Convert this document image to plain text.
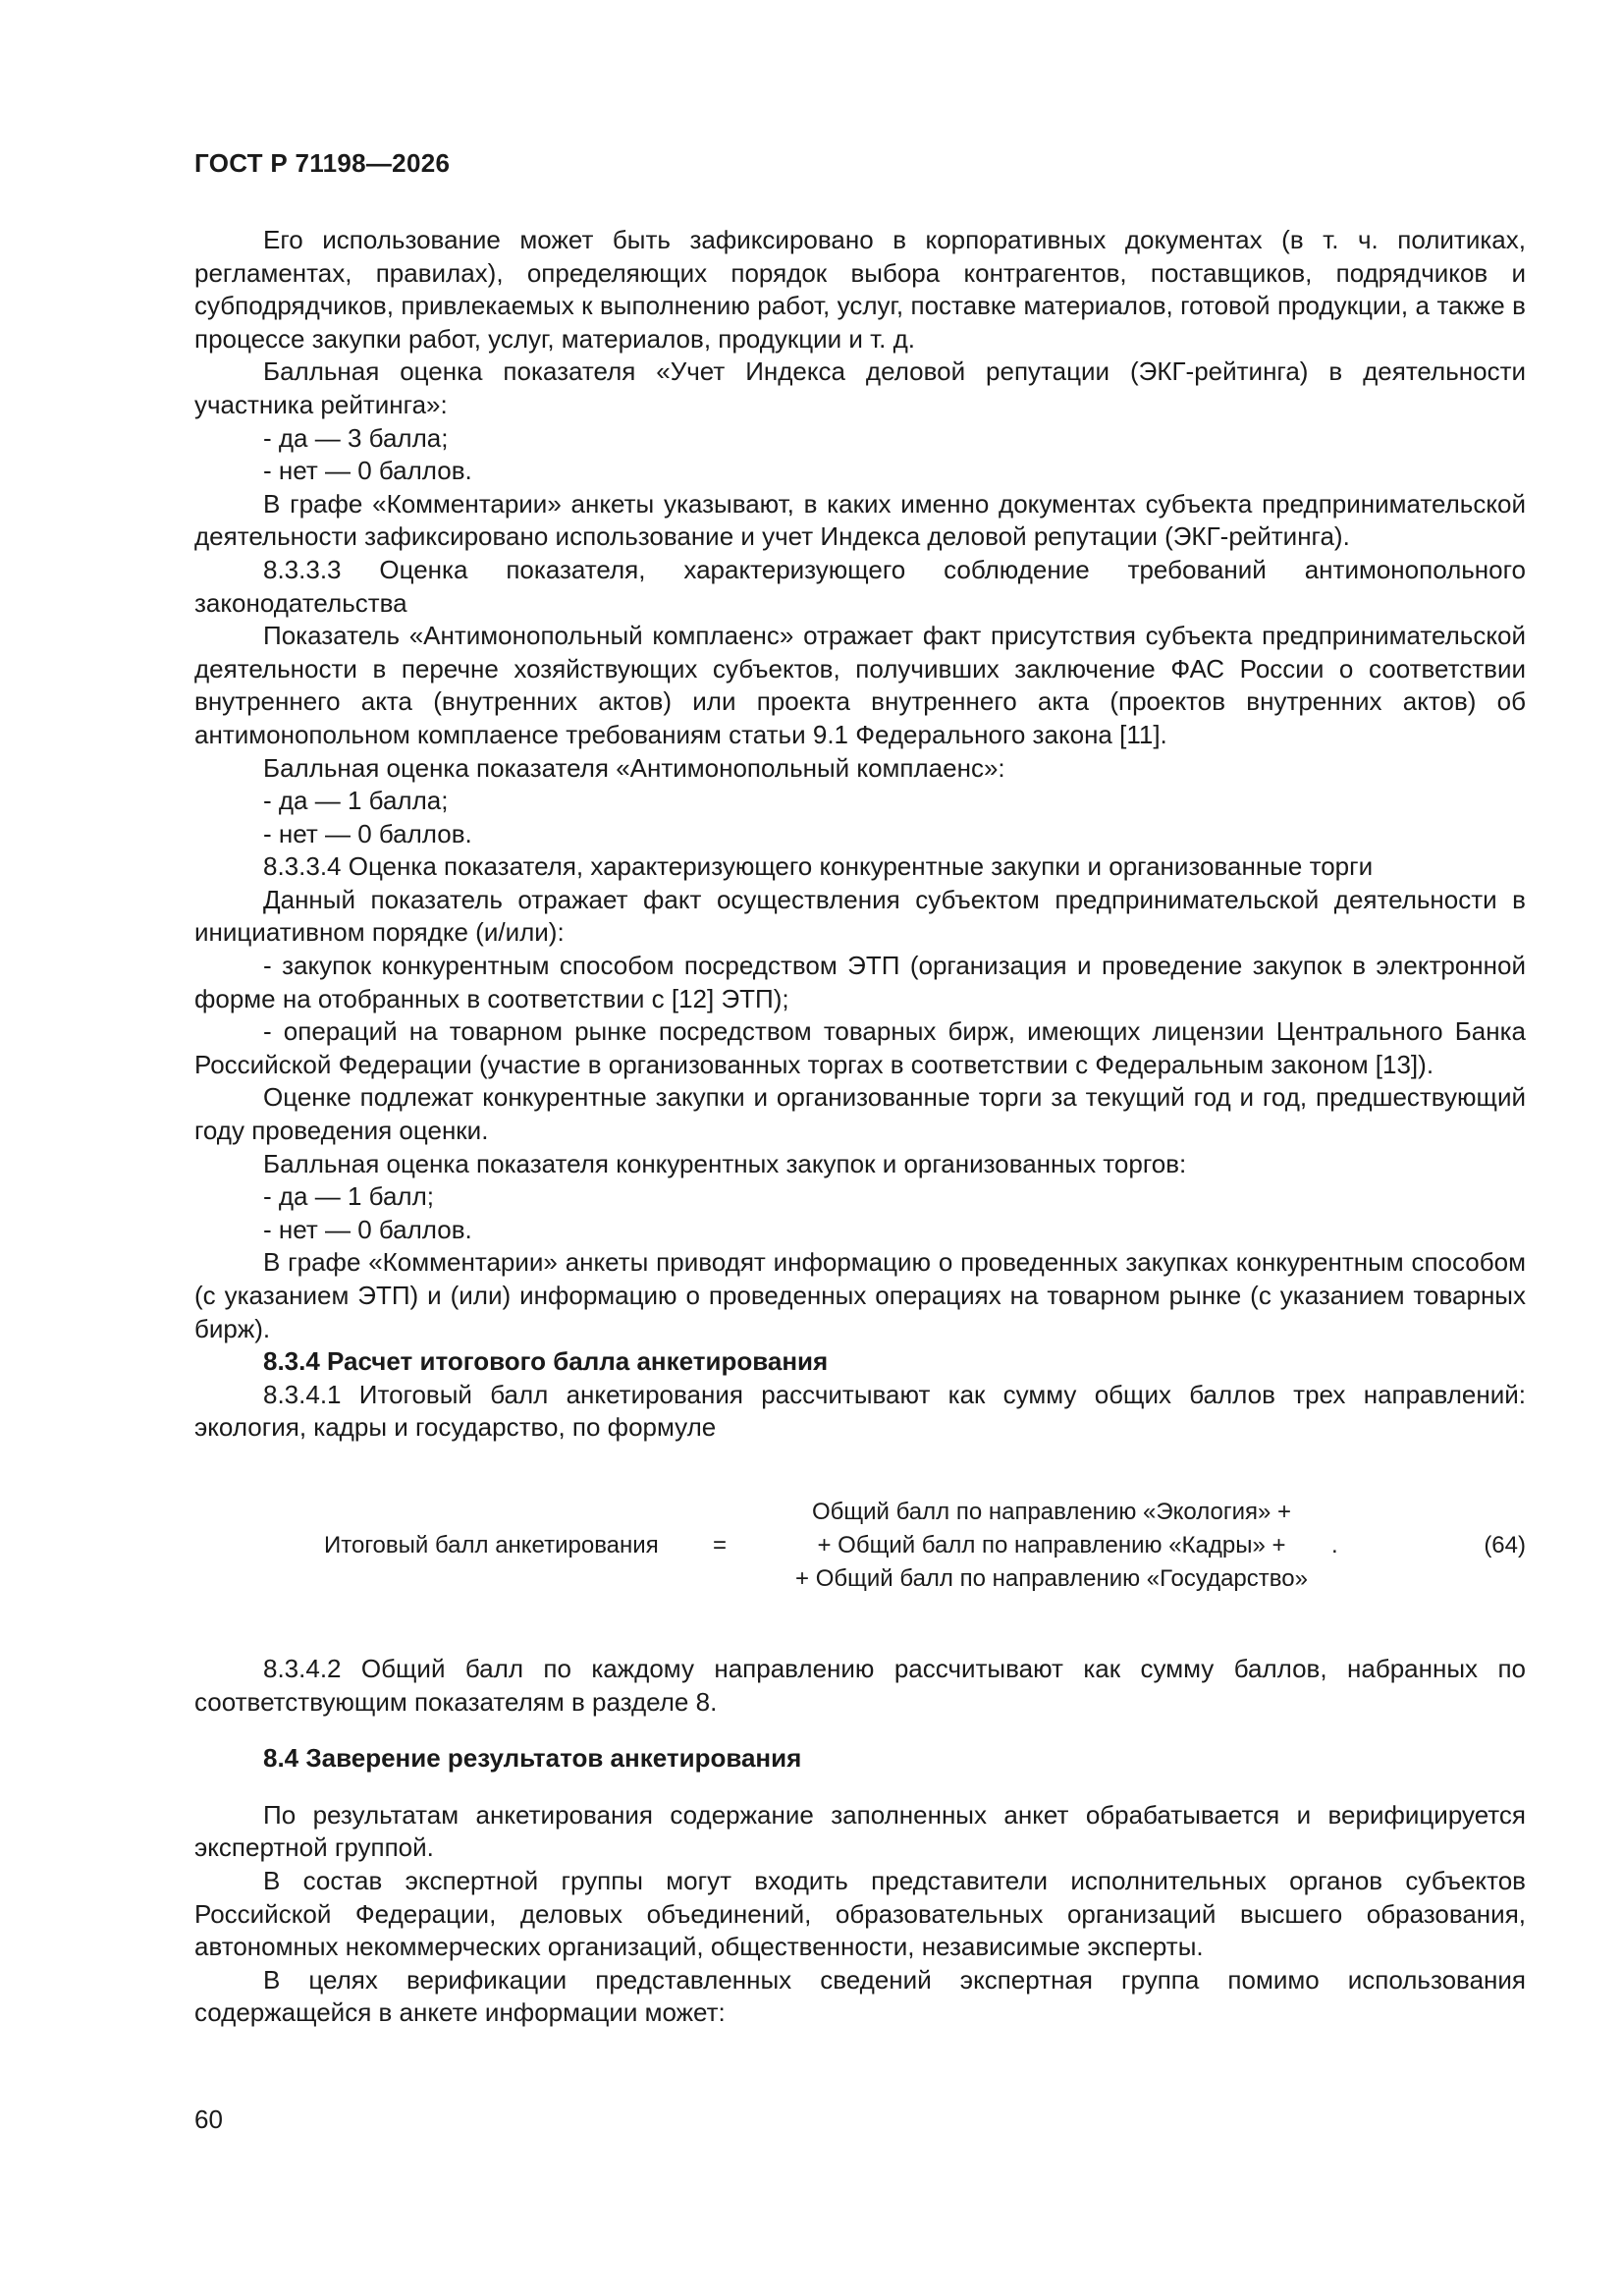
ГОСТ Р 71198—2026

Его использование может быть зафиксировано в корпоративных документах (в т. ч. политиках, регламентах, правилах), определяющих порядок выбора контрагентов, поставщиков, подрядчиков и субподрядчиков, привлекаемых к выполнению работ, услуг, поставке материалов, готовой продукции, а также в процессе закупки работ, услуг, материалов, продукции и т. д.

Балльная оценка показателя «Учет Индекса деловой репутации (ЭКГ-рейтинга) в деятельности участника рейтинга»:

- да — 3 балла;

- нет — 0 баллов.

В графе «Комментарии» анкеты указывают, в каких именно документах субъекта предпринимательской деятельности зафиксировано использование и учет Индекса деловой репутации (ЭКГ-рейтинга).

8.3.3.3 Оценка показателя, характеризующего соблюдение требований антимонопольного законодательства

Показатель «Антимонопольный комплаенс» отражает факт присутствия субъекта предпринимательской деятельности в перечне хозяйствующих субъектов, получивших заключение ФАС России о соответствии внутреннего акта (внутренних актов) или проекта внутреннего акта (проектов внутренних актов) об антимонопольном комплаенсе требованиям статьи 9.1 Федерального закона [11].

Балльная оценка показателя «Антимонопольный комплаенс»:

- да — 1 балла;

- нет — 0 баллов.

8.3.3.4 Оценка показателя, характеризующего конкурентные закупки и организованные торги

Данный показатель отражает факт осуществления субъектом предпринимательской деятельности в инициативном порядке (и/или):

- закупок конкурентным способом посредством ЭТП (организация и проведение закупок в электронной форме на отобранных в соответствии с [12] ЭТП);

- операций на товарном рынке посредством товарных бирж, имеющих лицензии Центрального Банка Российской Федерации (участие в организованных торгах в соответствии с Федеральным законом [13]).

Оценке подлежат конкурентные закупки и организованные торги за текущий год и год, предшествующий году проведения оценки.

Балльная оценка показателя конкурентных закупок и организованных торгов:

- да — 1 балл;

- нет — 0 баллов.

В графе «Комментарии» анкеты приводят информацию о проведенных закупках конкурентным способом (с указанием ЭТП) и (или) информацию о проведенных операциях на товарном рынке (с указанием товарных бирж).

8.3.4 Расчет итогового балла анкетирования

8.3.4.1 Итоговый балл анкетирования рассчитывают как сумму общих баллов трех направлений: экология, кадры и государство, по формуле

Итоговый балл анкетирования =
Общий балл по направлению «Экология» +
+ Общий балл по направлению «Кадры» +
+ Общий балл по направлению «Государство»
.	(64)

8.3.4.2 Общий балл по каждому направлению рассчитывают как сумму баллов, набранных по соответствующим показателям в разделе 8.

8.4 Заверение результатов анкетирования

По результатам анкетирования содержание заполненных анкет обрабатывается и верифицируется экспертной группой.

В состав экспертной группы могут входить представители исполнительных органов субъектов Российской Федерации, деловых объединений, образовательных организаций высшего образования, автономных некоммерческих организаций, общественности, независимые эксперты.

В целях верификации представленных сведений экспертная группа помимо использования содержащейся в анкете информации может:

60
